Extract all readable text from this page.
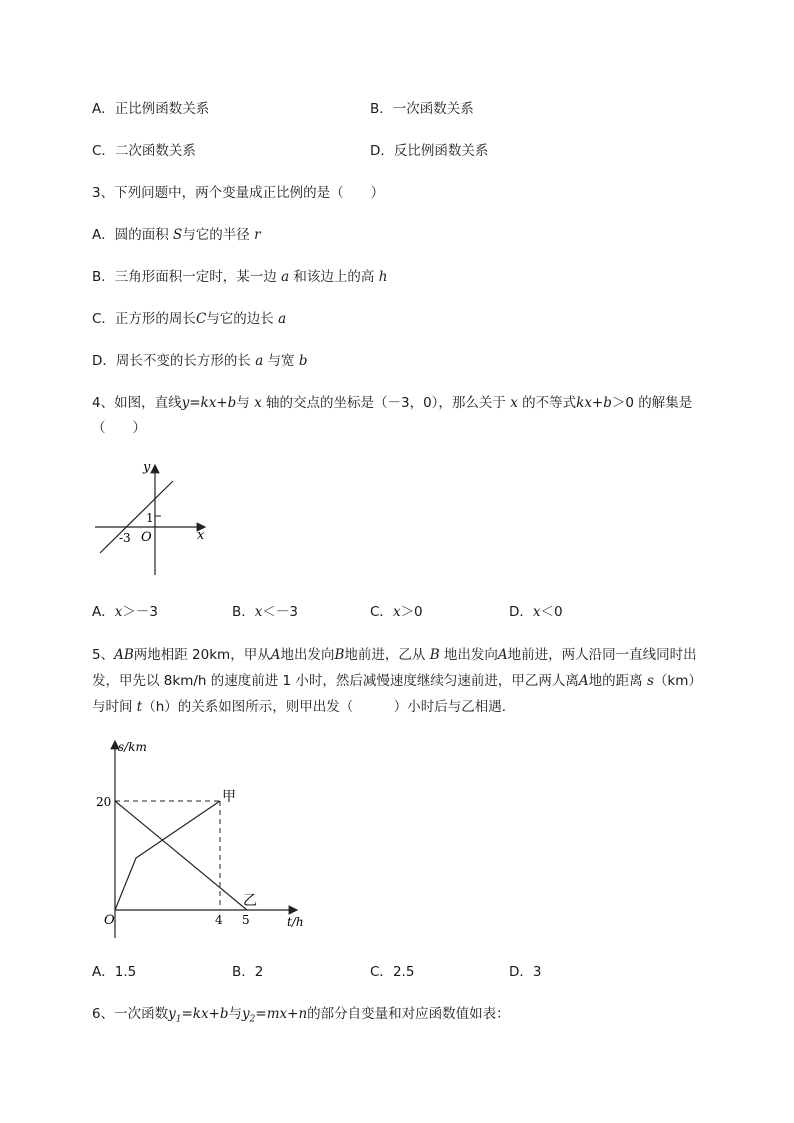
A．正比例函数关系	B．一次函数关系
C．二次函数关系	D．反比例函数关系
3、下列问题中，两个变量成正比例的是（　　）
A．圆的面积 S与它的半径 r
B．三角形面积一定时，某一边 a 和该边上的高 h
C．正方形的周长C与它的边长 a
D．周长不变的长方形的长 a 与宽 b
4、如图，直线y=kx+b与 x 轴的交点的坐标是（－3，0），那么关于 x 的不等式kx+b＞0 的解集是
（　　）
y
x
O
-3
1
A．x＞－3	B．x＜－3	C．x＞0	D．x＜0
5、AB两地相距 20km，甲从A地出发向B地前进，乙从 B 地出发向A地前进，两人沿同一直线同时出
发，甲先以 8km/h 的速度前进 1 小时，然后减慢速度继续匀速前进，甲乙两人离A地的距离 s（km）
与时间 t（h）的关系如图所示，则甲出发（　　　）小时后与乙相遇．
s/km
t/h
O
20
4 5
甲
乙
A．1.5	B．2	C．2.5	D．3
6、一次函数$y_1=kx+b$与$y_2=mx+n$的部分自变量和对应函数值如表：
